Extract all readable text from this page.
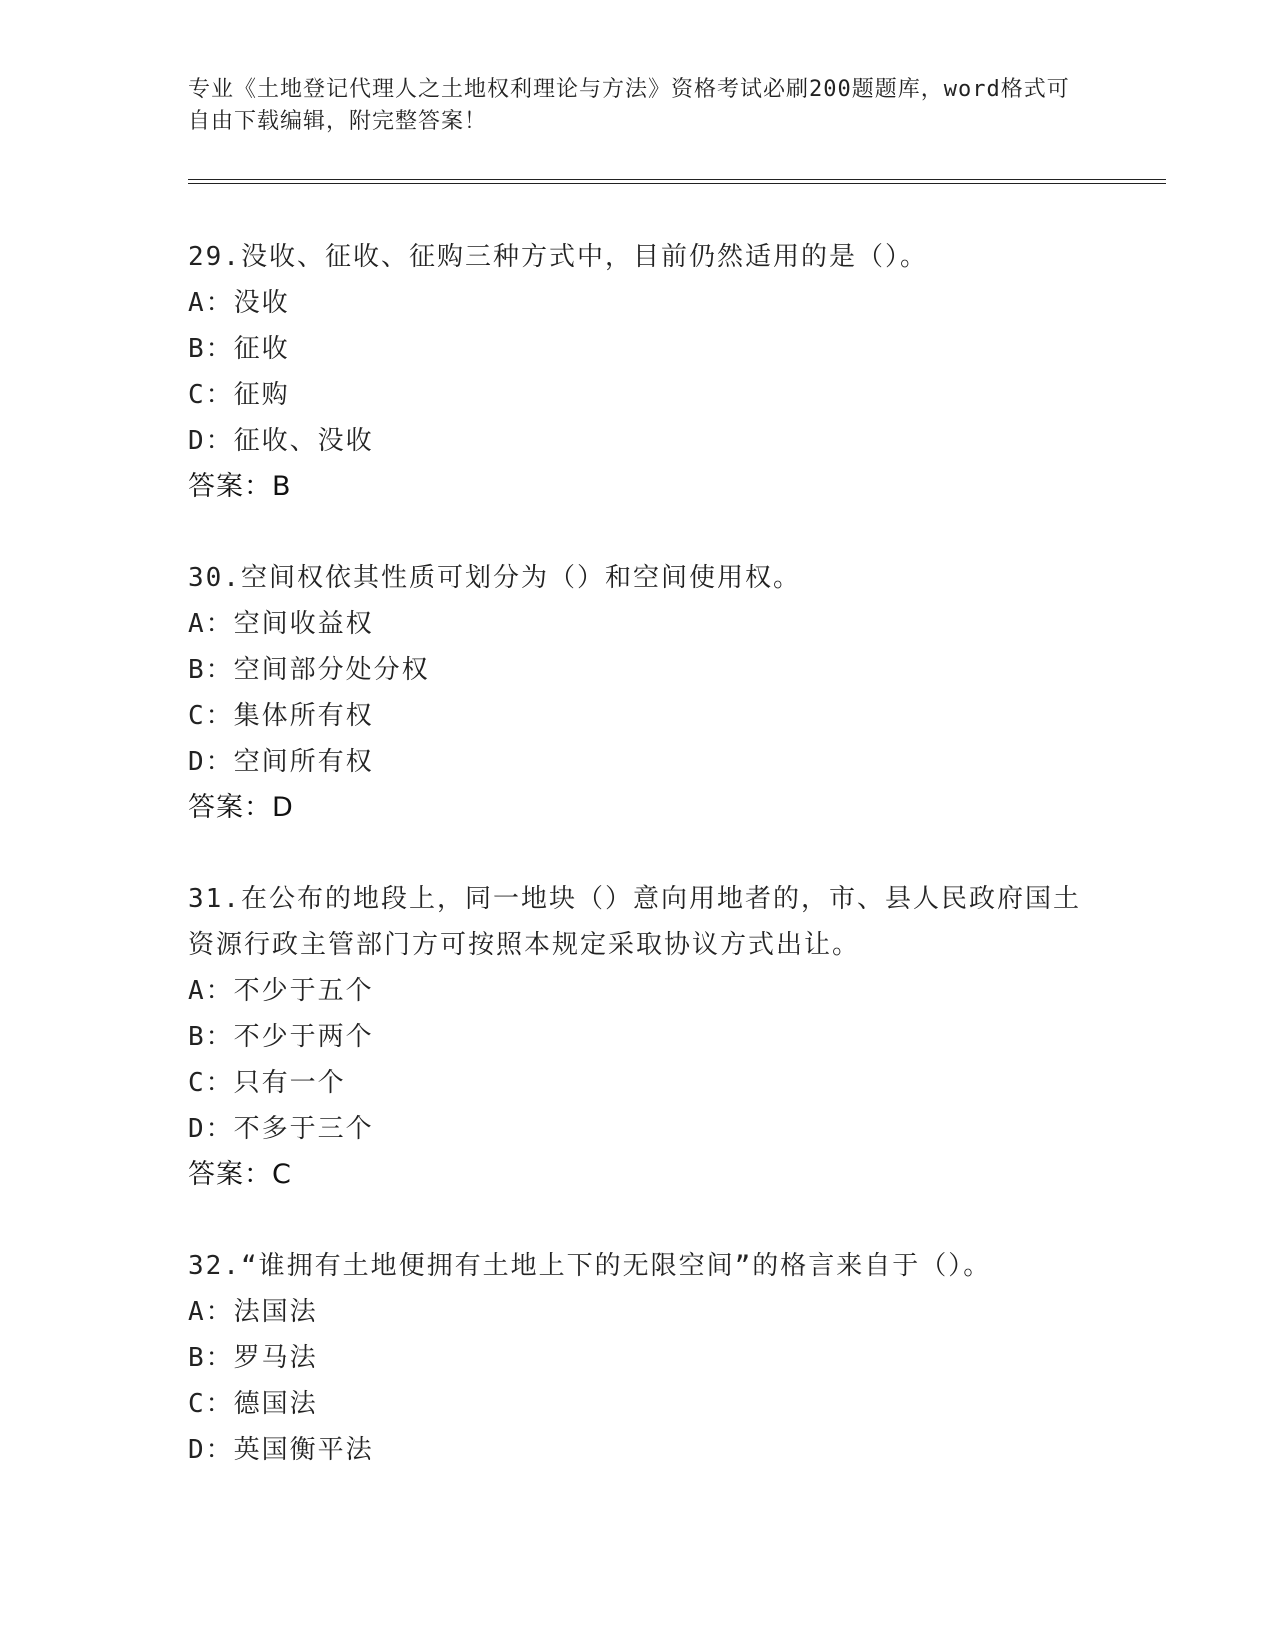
专业《土地登记代理人之土地权利理论与方法》资格考试必刷200题题库，word格式可自由下载编辑，附完整答案！

29.没收、征收、征购三种方式中，目前仍然适用的是（）。

A：没收
B：征收
C：征购
D：征收、没收
答案：B

30.空间权依其性质可划分为（）和空间使用权。

A：空间收益权
B：空间部分处分权
C：集体所有权
D：空间所有权
答案：D

31.在公布的地段上，同一地块（）意向用地者的，市、县人民政府国土资源行政主管部门方可按照本规定采取协议方式出让。

A：不少于五个
B：不少于两个
C：只有一个
D：不多于三个
答案：C

32.“谁拥有土地便拥有土地上下的无限空间”的格言来自于（）。

A：法国法
B：罗马法
C：德国法
D：英国衡平法
